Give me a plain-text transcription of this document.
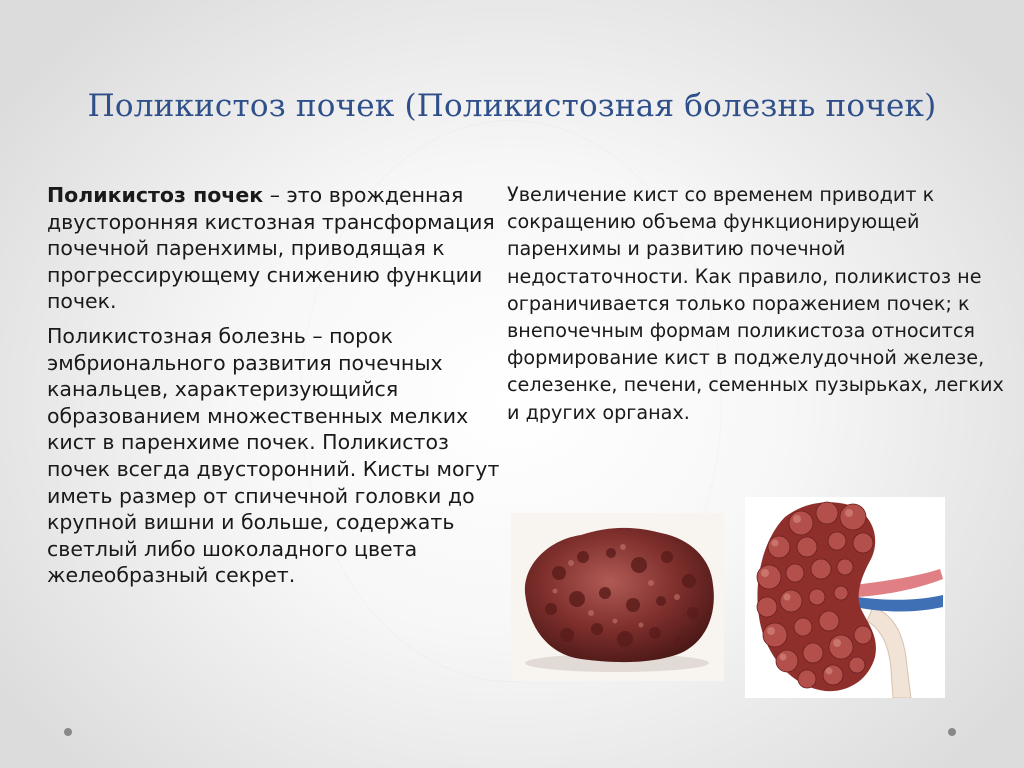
Поликистоз почек (Поликистозная болезнь почек)

Поликистоз почек – это врожденная двусторонняя кистозная трансформация почечной паренхимы, приводящая к прогрессирующему снижению функции почек.

Поликистозная болезнь – порок эмбрионального развития почечных канальцев, характеризующийся образованием множественных мелких кист в паренхиме почек. Поликистоз почек всегда двусторонний. Кисты могут иметь размер от спичечной головки до крупной вишни и больше, содержать светлый либо шоколадного цвета желеобразный секрет.

Увеличение кист со временем приводит к сокращению объема функционирующей паренхимы и развитию почечной недостаточности. Как правило, поликистоз не ограничивается только поражением почек; к внепочечным формам поликистоза относится формирование кист в поджелудочной железе, селезенке, печени, семенных пузырьках, легких и других органах.
